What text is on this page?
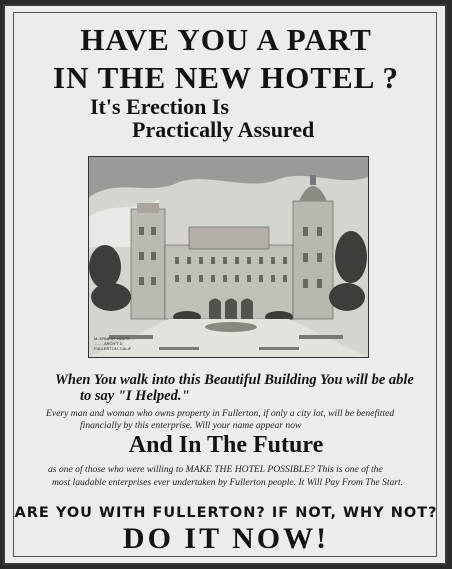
HAVE YOU A PART
IN THE NEW HOTEL ?
It's Erection Is
Practically Assured
M. ERNEST HOLTZ.....
.........ARCH'T D
FULLERTON, CALIF.
When You walk into this Beautiful Building You will be able
to say "I Helped."
Every man and woman who owns property in Fullerton, if only a city lot, will be benefitted
financially by this enterprise. Will your name appear now
And In The Future
as one of those who were willing to MAKE THE HOTEL POSSIBLE? This is one of the
most laudable enterprises ever undertaken by Fullerton people. It Will Pay From The Start.
ARE YOU WITH FULLERTON? IF NOT, WHY NOT?
DO IT NOW!
